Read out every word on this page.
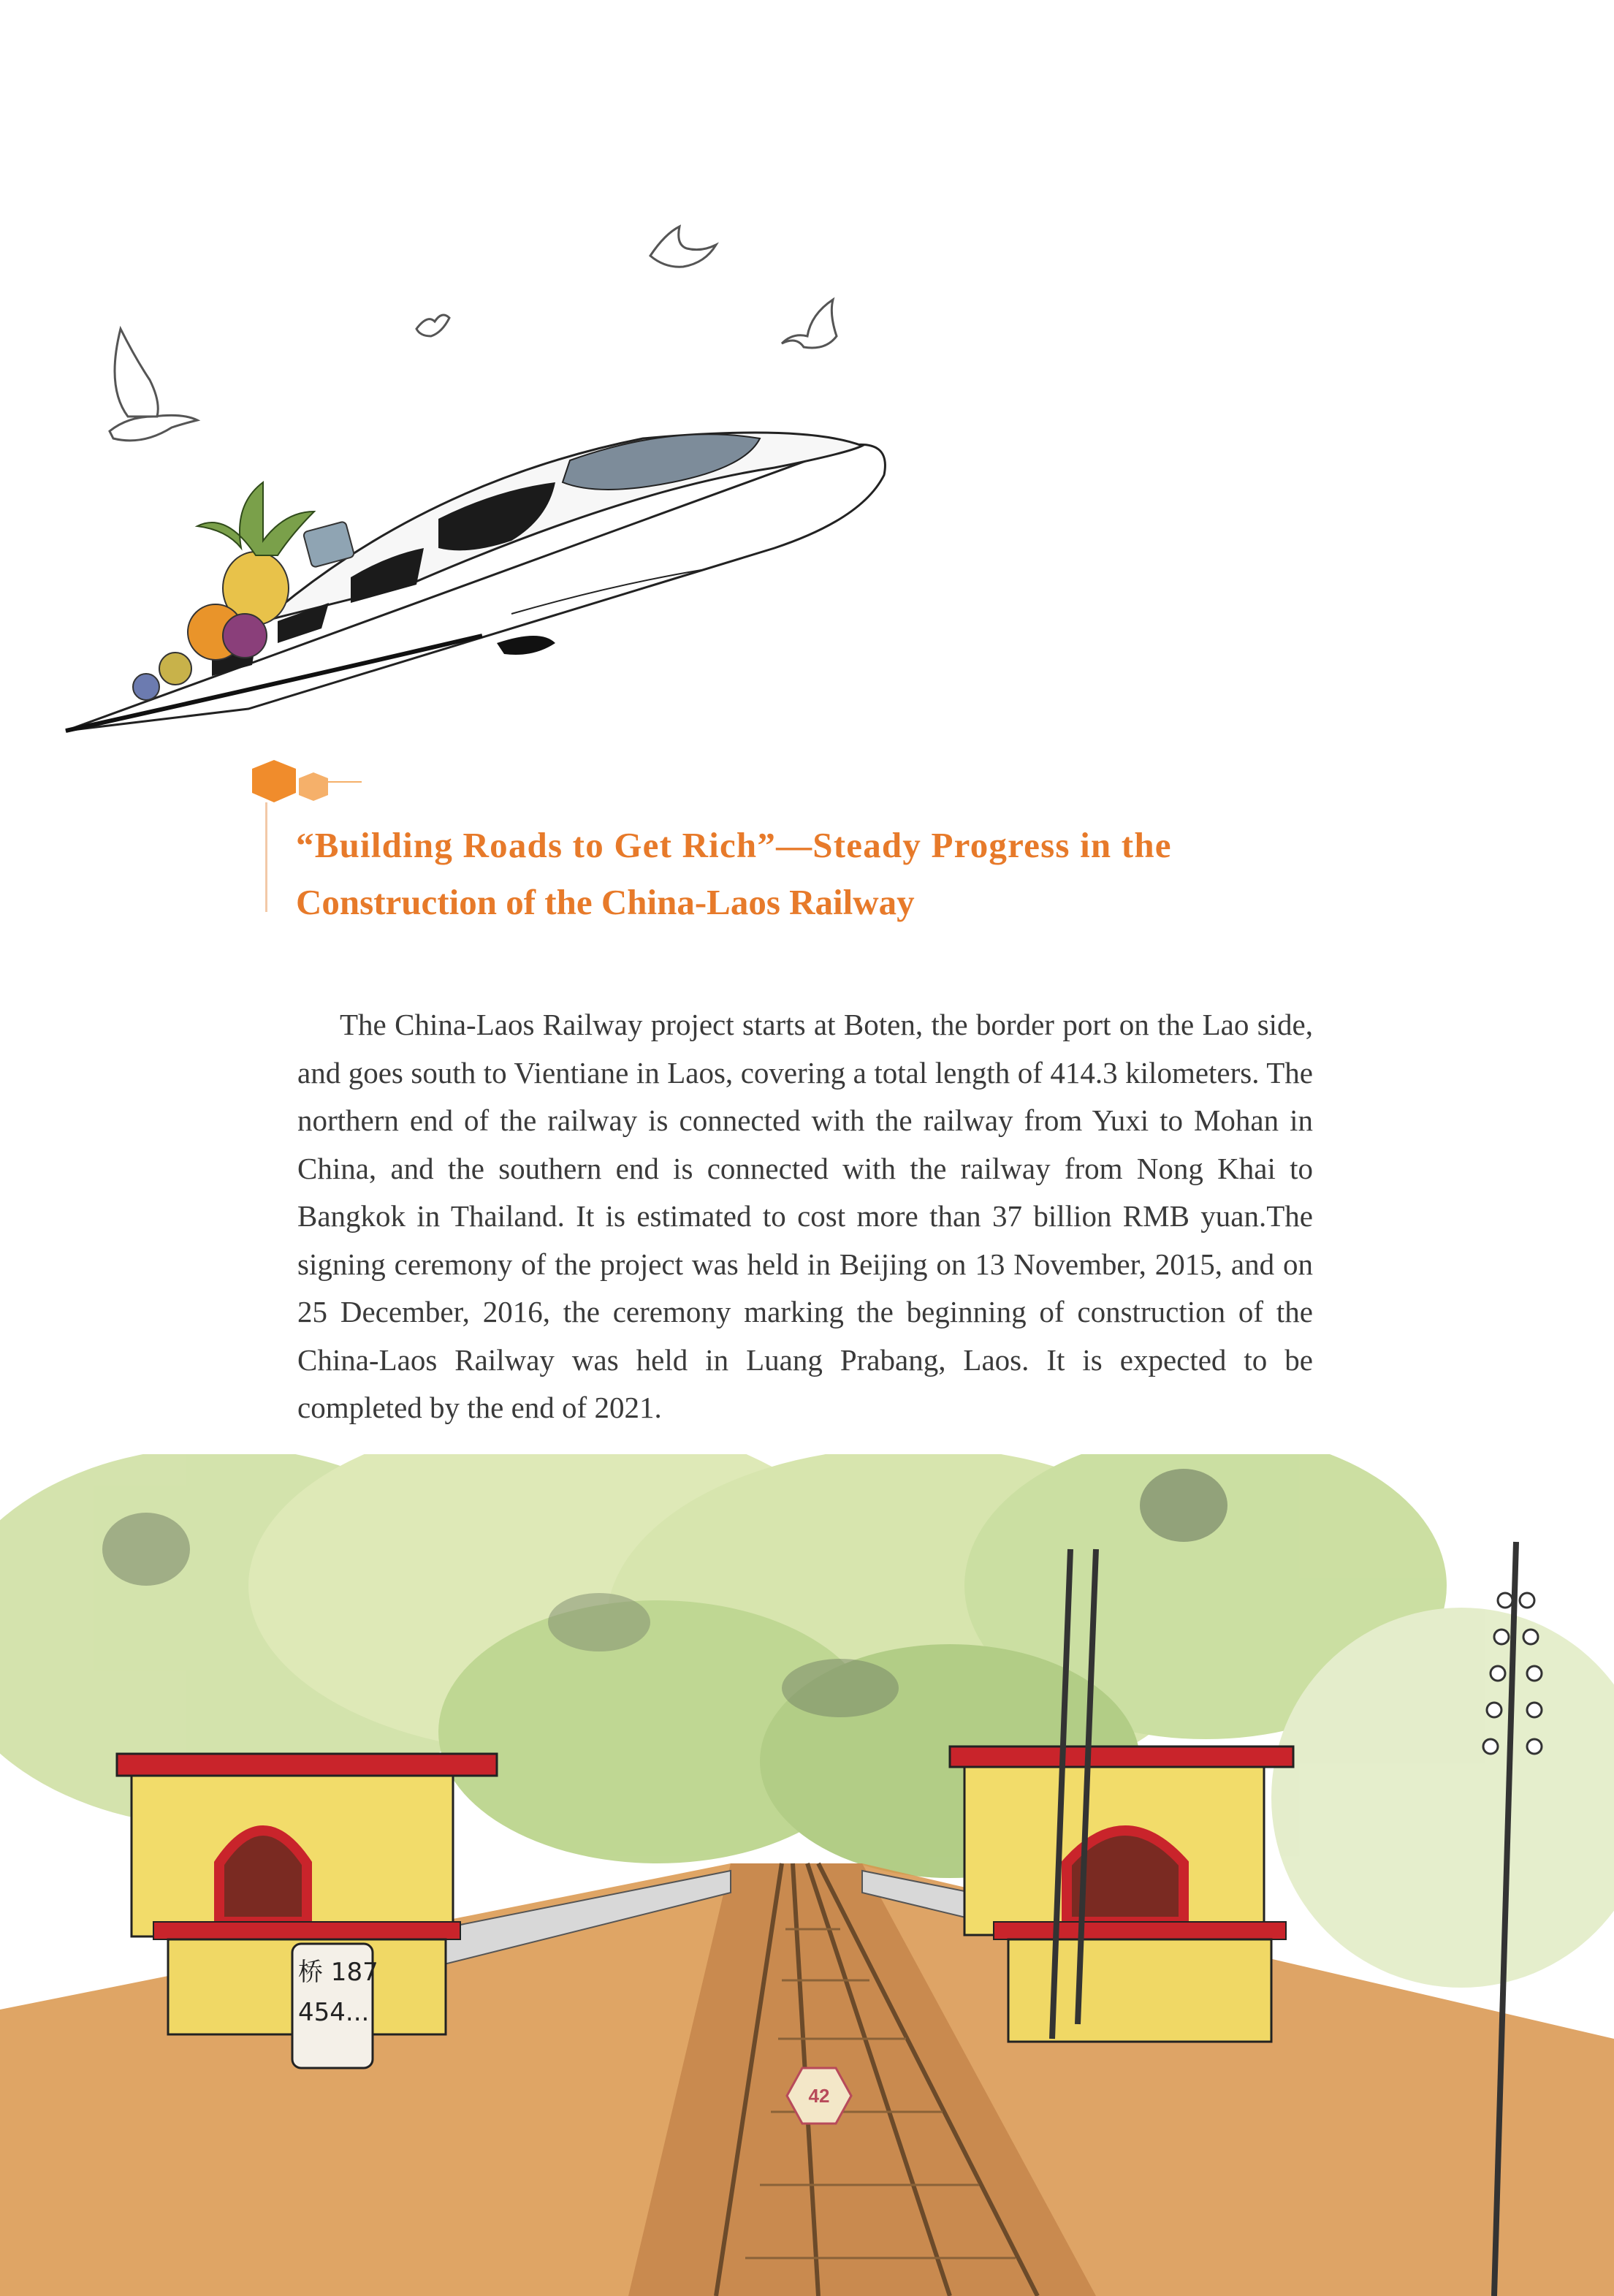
“Building Roads to Get Rich”—Steady Progress in the
Construction of the China-Laos Railway

The China-Laos Railway project starts at Boten, the border port on the Lao side, and goes south to Vientiane in Laos, covering a total length of 414.3 kilometers. The northern end of the railway is connected with the railway from Yuxi to Mohan in China, and the southern end is connected with the railway from Nong Khai to Bangkok in Thailand. It is estimated to cost more than 37 billion RMB yuan.The signing ceremony of the project was held in Beijing on 13 November, 2015, and on 25 December, 2016, the ceremony marking the beginning of construction of the China-Laos Railway was held in Luang Prabang, Laos. It is expected to be completed by the end of 2021.

桥 187
454...
42
